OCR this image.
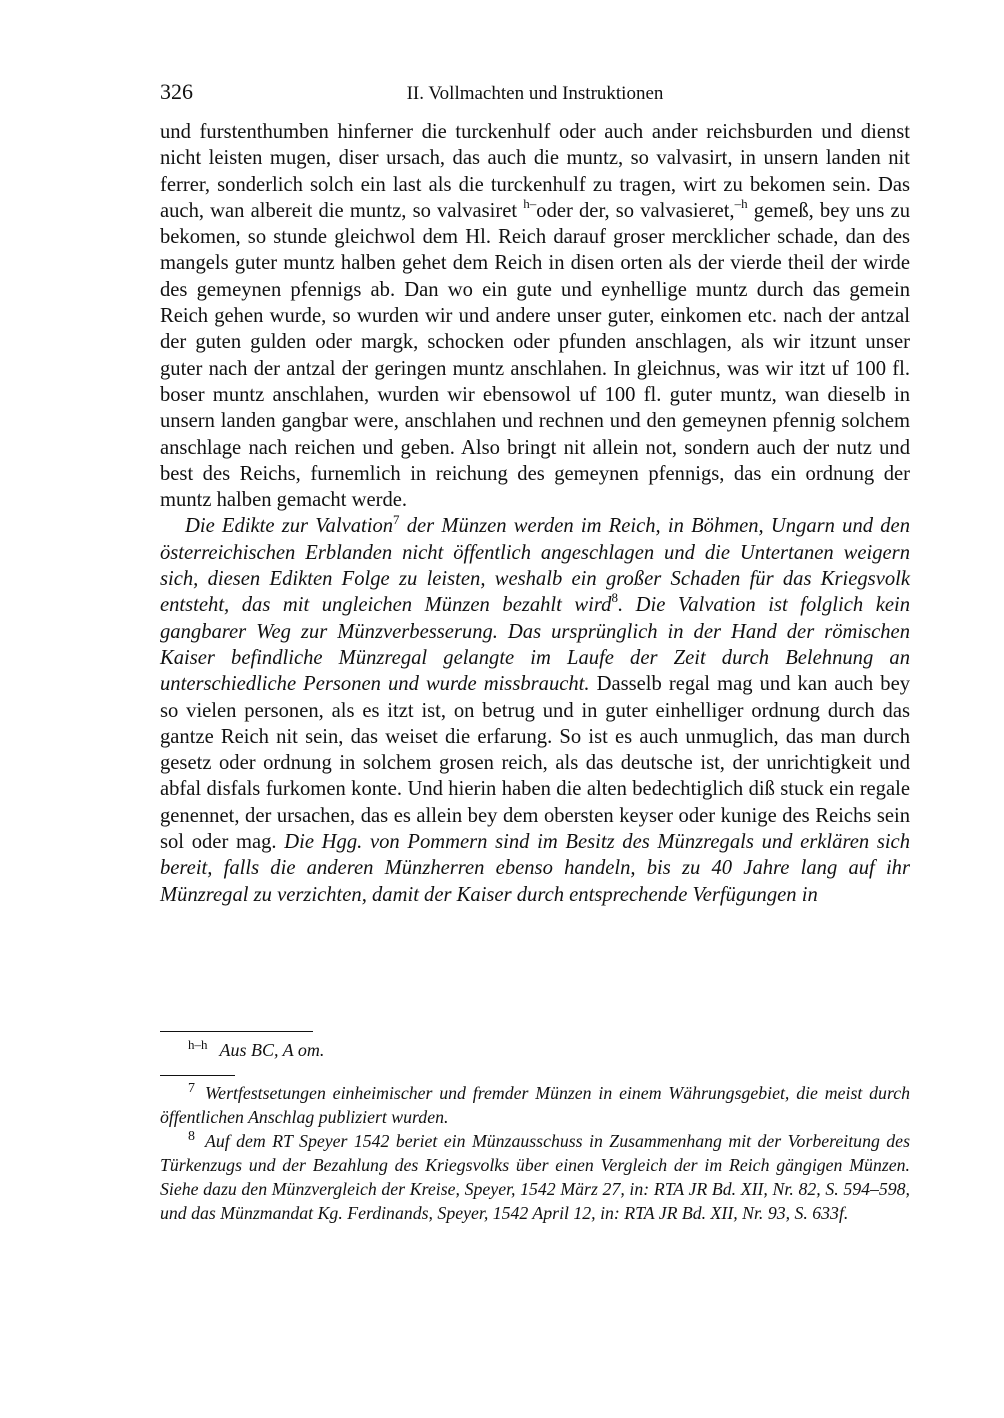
326	II. Vollmachten und Instruktionen

und furstenthumben hinferner die turckenhulf oder auch ander reichsburden und dienst nicht leisten mugen, diser ursach, das auch die muntz, so valvasirt, in unsern landen nit ferrer, sonderlich solch ein last als die turckenhulf zu tragen, wirt zu bekomen sein. Das auch, wan albereit die muntz, so valvasiret $^{h-}$oder der, so valvasieret,$^{-h}$ gemeß, bey uns zu bekomen, so stunde gleichwol dem Hl. Reich darauf groser mercklicher schade, dan des mangels guter muntz halben gehet dem Reich in disen orten als der vierde theil der wirde des gemeynen pfennigs ab. Dan wo ein gute und eynhellige muntz durch das gemein Reich gehen wurde, so wurden wir und andere unser guter, einkomen etc. nach der antzal der guten gulden oder margk, schocken oder pfunden anschlagen, als wir itzunt unser guter nach der antzal der geringen muntz anschlahen. In gleichnus, was wir itzt uf 100 fl. boser muntz anschlahen, wurden wir ebensowol uf 100 fl. guter muntz, wan dieselb in unsern landen gangbar were, anschlahen und rechnen und den gemeynen pfennig solchem anschlage nach reichen und geben. Also bringt nit allein not, sondern auch der nutz und best des Reichs, furnemlich in reichung des gemeynen pfennigs, das ein ordnung der muntz halben gemacht werde.

Die Edikte zur Valvation$^7$ der Münzen werden im Reich, in Böhmen, Ungarn und den österreichischen Erblanden nicht öffentlich angeschlagen und die Untertanen weigern sich, diesen Edikten Folge zu leisten, weshalb ein großer Schaden für das Kriegsvolk entsteht, das mit ungleichen Münzen bezahlt wird$^8$. Die Valvation ist folglich kein gangbarer Weg zur Münzverbesserung. Das ursprünglich in der Hand der römischen Kaiser befindliche Münzregal gelangte im Laufe der Zeit durch Belehnung an unterschiedliche Personen und wurde missbraucht. Dasselb regal mag und kan auch bey so vielen personen, als es itzt ist, on betrug und in guter einhelliger ordnung durch das gantze Reich nit sein, das weiset die erfarung. So ist es auch unmuglich, das man durch gesetz oder ordnung in solchem grosen reich, als das deutsche ist, der unrichtigkeit und abfal disfals furkomen konte. Und hierin haben die alten bedechtiglich diß stuck ein regale genennet, der ursachen, das es allein bey dem obersten keyser oder kunige des Reichs sein sol oder mag. Die Hgg. von Pommern sind im Besitz des Münzregals und erklären sich bereit, falls die anderen Münzherren ebenso handeln, bis zu 40 Jahre lang auf ihr Münzregal zu verzichten, damit der Kaiser durch entsprechende Verfügungen in

$^{h-h}$ Aus BC, A om.

$^7$ Wertfestsetungen einheimischer und fremder Münzen in einem Währungsgebiet, die meist durch öffentlichen Anschlag publiziert wurden.

$^8$ Auf dem RT Speyer 1542 beriet ein Münzausschuss in Zusammenhang mit der Vorbereitung des Türkenzugs und der Bezahlung des Kriegsvolks über einen Vergleich der im Reich gängigen Münzen. Siehe dazu den Münzvergleich der Kreise, Speyer, 1542 März 27, in: RTA JR Bd. XII, Nr. 82, S. 594–598, und das Münzmandat Kg. Ferdinands, Speyer, 1542 April 12, in: RTA JR Bd. XII, Nr. 93, S. 633f.
